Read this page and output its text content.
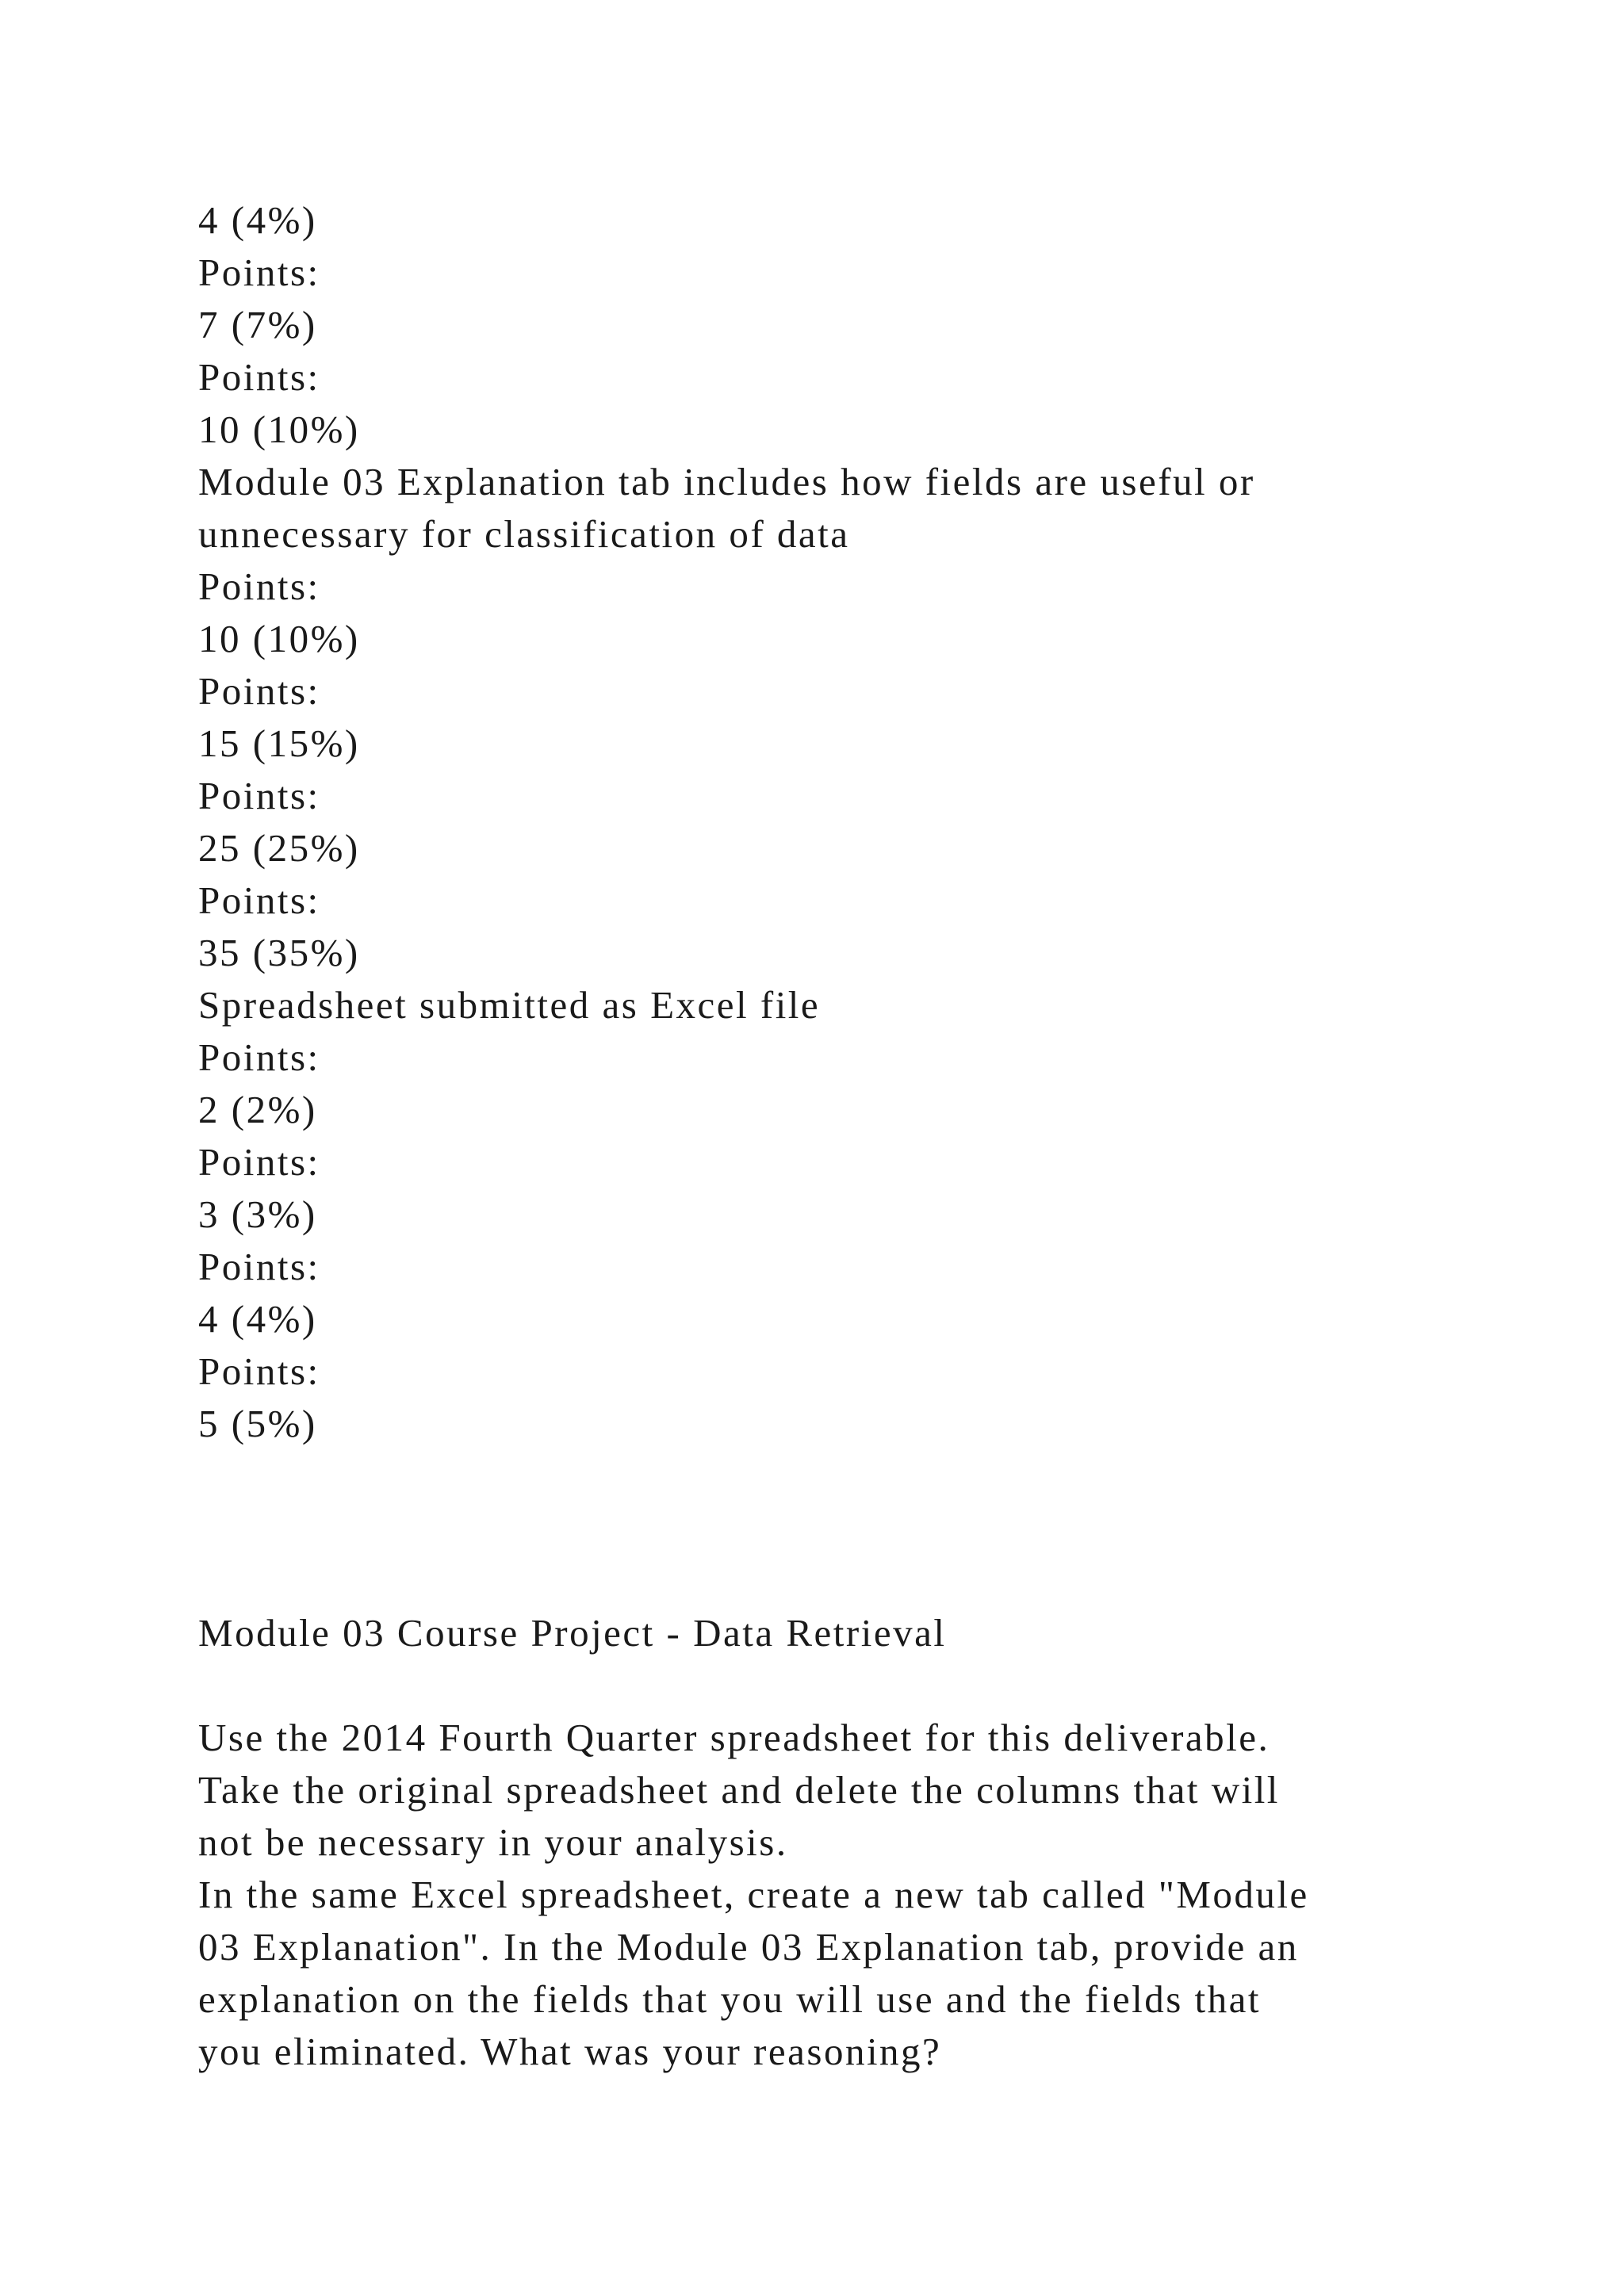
4 (4%)
Points:
7 (7%)
Points:
10 (10%)
Module 03 Explanation tab includes how fields are useful or
unnecessary for classification of data
Points:
10 (10%)
Points:
15 (15%)
Points:
25 (25%)
Points:
35 (35%)
Spreadsheet submitted as Excel file
Points:
2 (2%)
Points:
3 (3%)
Points:
4 (4%)
Points:
5 (5%)
Module 03 Course Project - Data Retrieval
Use the 2014 Fourth Quarter spreadsheet for this deliverable.
Take the original spreadsheet and delete the columns that will
not be necessary in your analysis.
In the same Excel spreadsheet, create a new tab called "Module
03 Explanation". In the Module 03 Explanation tab, provide an
explanation on the fields that you will use and the fields that
you eliminated. What was your reasoning?
